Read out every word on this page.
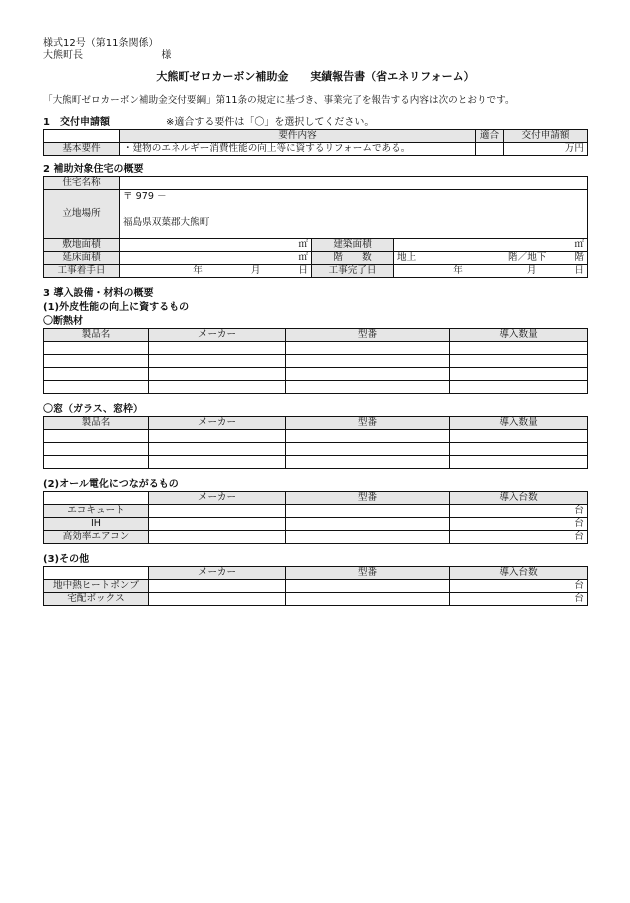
様式12号（第11条関係）
大熊町長	様
大熊町ゼロカーボン補助金 実績報告書（省エネリフォーム）
「大熊町ゼロカーボン補助金交付要綱」第11条の規定に基づき、事業完了を報告する内容は次のとおりです。
1　交付申請額	※適合する要件は「〇」を選択してください。
	要件内容	適合	交付申請額
基本要件	・建物のエネルギー消費性能の向上等に資するリフォームである。		万円
2 補助対象住宅の概要
住宅名称			
立地場所	〒 979 －
福島県双葉郡大熊町		

敷地面積	㎡	建築面積	㎡
延床面積	㎡	階　　数	地上 階／地下 階

工事着手日	年 月 日	工事完了日	年 月 日
3 導入設備・材料の概要
(1)外皮性能の向上に資するもの
〇断熱材
製品名	メーカー	型番	導入数量

〇窓（ガラス、窓枠）
製品名	メーカー	型番	導入数量

(2)オール電化につながるもの
	メーカー	型番	導入台数
エコキュート			台
IH			台
高効率エアコン			台
(3)その他
	メーカー	型番	導入台数
地中熱ヒートポンプ			台
宅配ボックス			台
